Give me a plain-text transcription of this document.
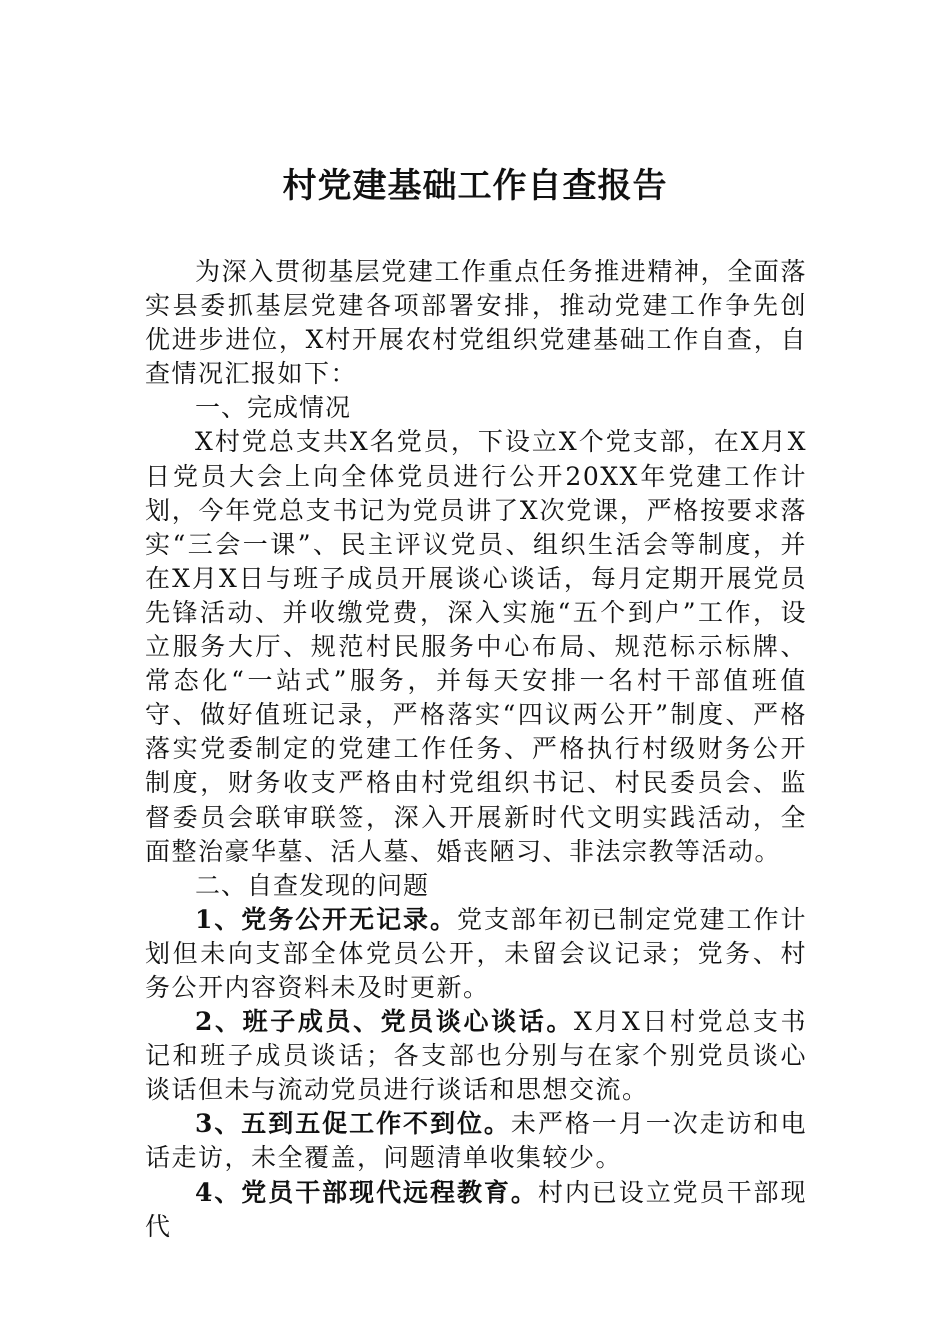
村党建基础工作自查报告

为深入贯彻基层党建工作重点任务推进精神，全面落实县委抓基层党建各项部署安排，推动党建工作争先创优进步进位，X村开展农村党组织党建基础工作自查，自查情况汇报如下：

一、完成情况

X村党总支共X名党员，下设立X个党支部，在X月X日党员大会上向全体党员进行公开20XX年党建工作计划，今年党总支书记为党员讲了X次党课，严格按要求落实“三会一课”、民主评议党员、组织生活会等制度，并在X月X日与班子成员开展谈心谈话，每月定期开展党员先锋活动、并收缴党费，深入实施“五个到户”工作，设立服务大厅、规范村民服务中心布局、规范标示标牌、常态化“一站式”服务，并每天安排一名村干部值班值守、做好值班记录，严格落实“四议两公开”制度、严格落实党委制定的党建工作任务、严格执行村级财务公开制度，财务收支严格由村党组织书记、村民委员会、监督委员会联审联签，深入开展新时代文明实践活动，全面整治豪华墓、活人墓、婚丧陋习、非法宗教等活动。

二、自查发现的问题

1、党务公开无记录。党支部年初已制定党建工作计划但未向支部全体党员公开，未留会议记录；党务、村务公开内容资料未及时更新。

2、班子成员、党员谈心谈话。X月X日村党总支书记和班子成员谈话；各支部也分别与在家个别党员谈心谈话但未与流动党员进行谈话和思想交流。

3、五到五促工作不到位。未严格一月一次走访和电话走访，未全覆盖，问题清单收集较少。

4、党员干部现代远程教育。村内已设立党员干部现代
